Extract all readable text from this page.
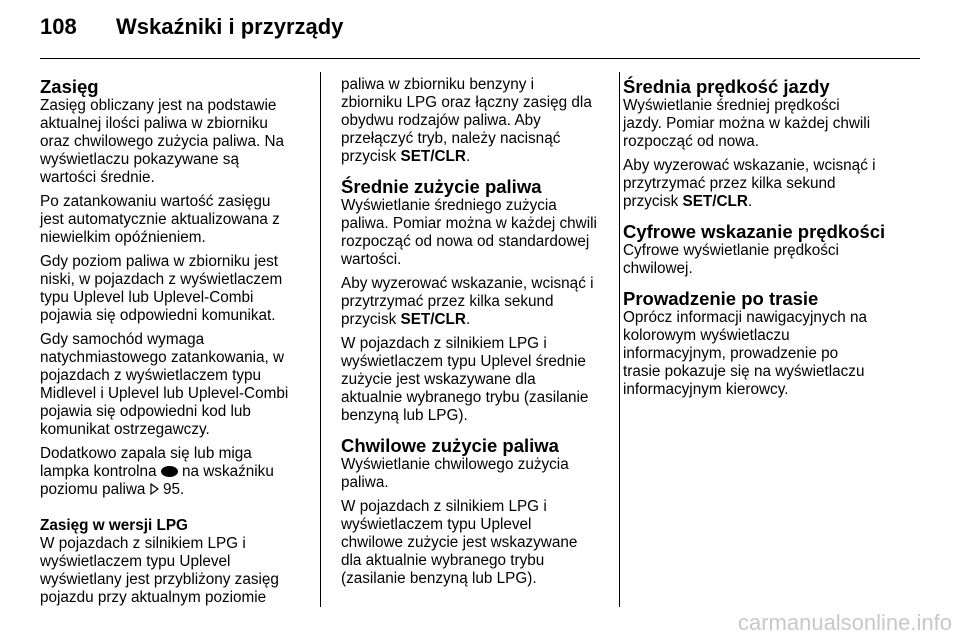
108	Wskaźniki i przyrządy
Zasięg

Zasięg obliczany jest na podstawie
aktualnej ilości paliwa w zbiorniku
oraz chwilowego zużycia paliwa. Na
wyświetlaczu pokazywane są
wartości średnie.

Po zatankowaniu wartość zasięgu
jest automatycznie aktualizowana z
niewielkim opóźnieniem.

Gdy poziom paliwa w zbiorniku jest
niski, w pojazdach z wyświetlaczem
typu Uplevel lub Uplevel-Combi
pojawia się odpowiedni komunikat.

Gdy samochód wymaga
natychmiastowego zatankowania, w
pojazdach z wyświetlaczem typu
Midlevel i Uplevel lub Uplevel-Combi
pojawia się odpowiedni kod lub
komunikat ostrzegawczy.

Dodatkowo zapala się lub miga
lampka kontrolna  na wskaźniku
poziomu paliwa  95.

Zasięg w wersji LPG

W pojazdach z silnikiem LPG i
wyświetlaczem typu Uplevel
wyświetlany jest przybliżony zasięg
pojazdu przy aktualnym poziomie

paliwa w zbiorniku benzyny i
zbiorniku LPG oraz łączny zasięg dla
obydwu rodzajów paliwa. Aby
przełączyć tryb, należy nacisnąć
przycisk SET/CLR.

Średnie zużycie paliwa

Wyświetlanie średniego zużycia
paliwa. Pomiar można w każdej chwili
rozpocząć od nowa od standardowej
wartości.

Aby wyzerować wskazanie, wcisnąć i
przytrzymać przez kilka sekund
przycisk SET/CLR.

W pojazdach z silnikiem LPG i
wyświetlaczem typu Uplevel średnie
zużycie jest wskazywane dla
aktualnie wybranego trybu (zasilanie
benzyną lub LPG).

Chwilowe zużycie paliwa

Wyświetlanie chwilowego zużycia
paliwa.

W pojazdach z silnikiem LPG i
wyświetlaczem typu Uplevel
chwilowe zużycie jest wskazywane
dla aktualnie wybranego trybu
(zasilanie benzyną lub LPG).

Średnia prędkość jazdy

Wyświetlanie średniej prędkości
jazdy. Pomiar można w każdej chwili
rozpocząć od nowa.

Aby wyzerować wskazanie, wcisnąć i
przytrzymać przez kilka sekund
przycisk SET/CLR.

Cyfrowe wskazanie prędkości

Cyfrowe wyświetlanie prędkości
chwilowej.

Prowadzenie po trasie

Oprócz informacji nawigacyjnych na
kolorowym wyświetlaczu
informacyjnym, prowadzenie po
trasie pokazuje się na wyświetlaczu
informacyjnym kierowcy.

carmanualsonline.info
